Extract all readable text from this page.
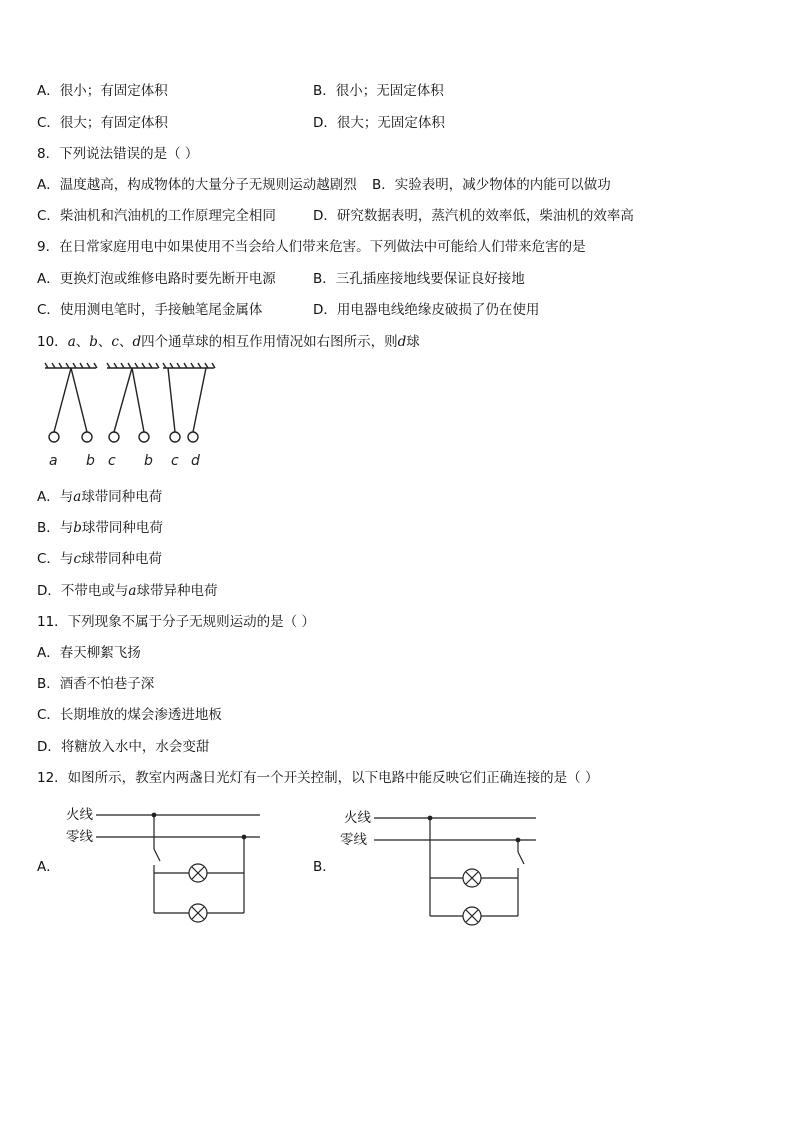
A．很小；有固定体积	B．很小；无固定体积
C．很大；有固定体积	D．很大；无固定体积
8．下列说法错误的是（ ）
A．温度越高，构成物体的大量分子无规则运动越剧烈 B．实验表明，减少物体的内能可以做功
C．柴油机和汽油机的工作原理完全相同	D．研究数据表明，蒸汽机的效率低，柴油机的效率高
9．在日常家庭用电中如果使用不当会给人们带来危害。下列做法中可能给人们带来危害的是
A．更换灯泡或维修电路时要先断开电源	B．三孔插座接地线要保证良好接地
C．使用测电笔时，手接触笔尾金属体	D．用电器电线绝缘皮破损了仍在使用
10．a、b、c、d四个通草球的相互作用情况如右图所示，则d球
a b c b c d
A．与a球带同种电荷
B．与b球带同种电荷
C．与c球带同种电荷
D．不带电或与a球带异种电荷
11．下列现象不属于分子无规则运动的是（ ）
A．春天柳絮飞扬
B．酒香不怕巷子深
C．长期堆放的煤会渗透进地板
D．将糖放入水中，水会变甜
12．如图所示，教室内两盏日光灯有一个开关控制，以下电路中能反映它们正确连接的是（ ）
A．	B．
火线
零线
火线
零线
